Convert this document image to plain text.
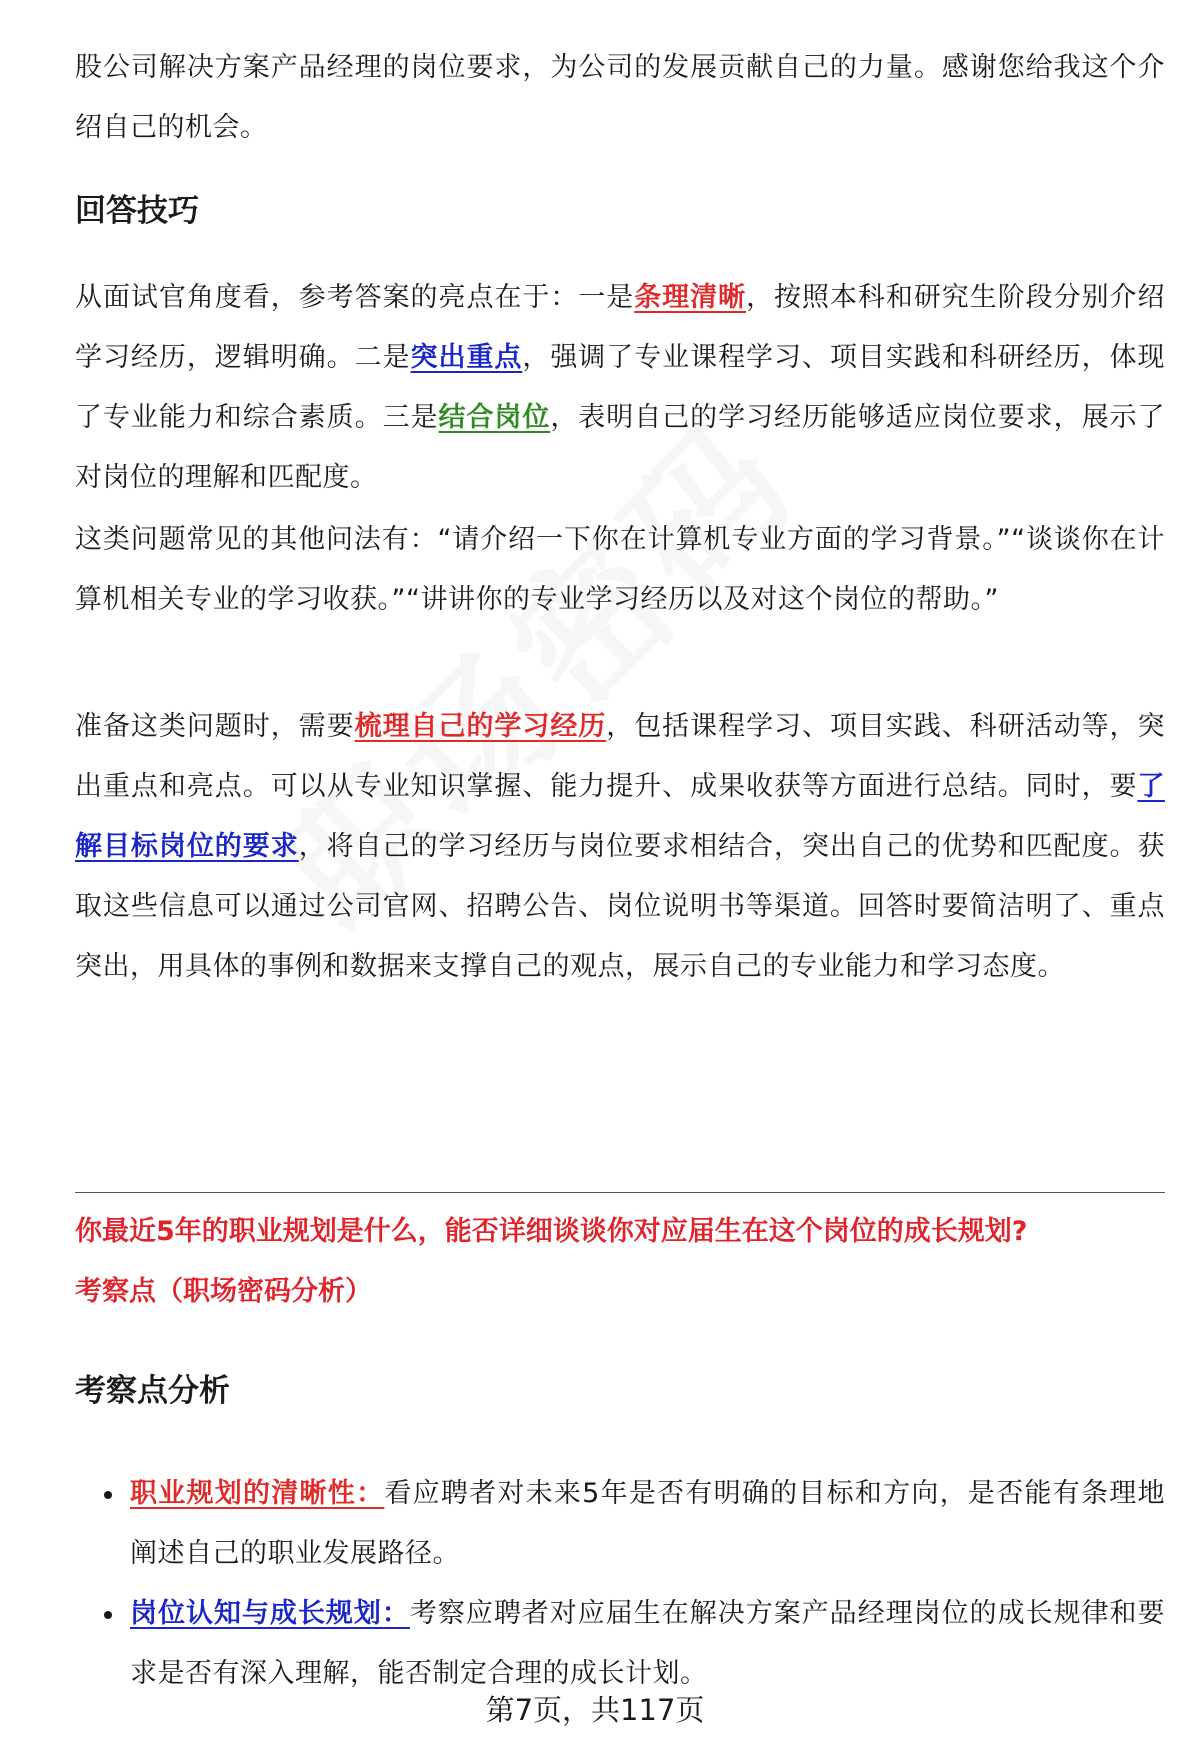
股公司解决方案产品经理的岗位要求，为公司的发展贡献自己的力量。感谢您给我这个介绍自己的机会。

回答技巧

从面试官角度看，参考答案的亮点在于：一是条理清晰，按照本科和研究生阶段分别介绍学习经历，逻辑明确。二是突出重点，强调了专业课程学习、项目实践和科研经历，体现了专业能力和综合素质。三是结合岗位，表明自己的学习经历能够适应岗位要求，展示了对岗位的理解和匹配度。

这类问题常见的其他问法有：“请介绍一下你在计算机专业方面的学习背景。”“谈谈你在计算机相关专业的学习收获。”“讲讲你的专业学习经历以及对这个岗位的帮助。”

准备这类问题时，需要梳理自己的学习经历，包括课程学习、项目实践、科研活动等，突出重点和亮点。可以从专业知识掌握、能力提升、成果收获等方面进行总结。同时，要了解目标岗位的要求，将自己的学习经历与岗位要求相结合，突出自己的优势和匹配度。获取这些信息可以通过公司官网、招聘公告、岗位说明书等渠道。回答时要简洁明了、重点突出，用具体的事例和数据来支撑自己的观点，展示自己的专业能力和学习态度。

你最近5年的职业规划是什么，能否详细谈谈你对应届生在这个岗位的成长规划?
考察点（职场密码分析）
考察点分析
职业规划的清晰性：看应聘者对未来5年是否有明确的目标和方向，是否能有条理地阐述自己的职业发展路径。
岗位认知与成长规划：考察应聘者对应届生在解决方案产品经理岗位的成长规律和要求是否有深入理解，能否制定合理的成长计划。
第7页，共117页
